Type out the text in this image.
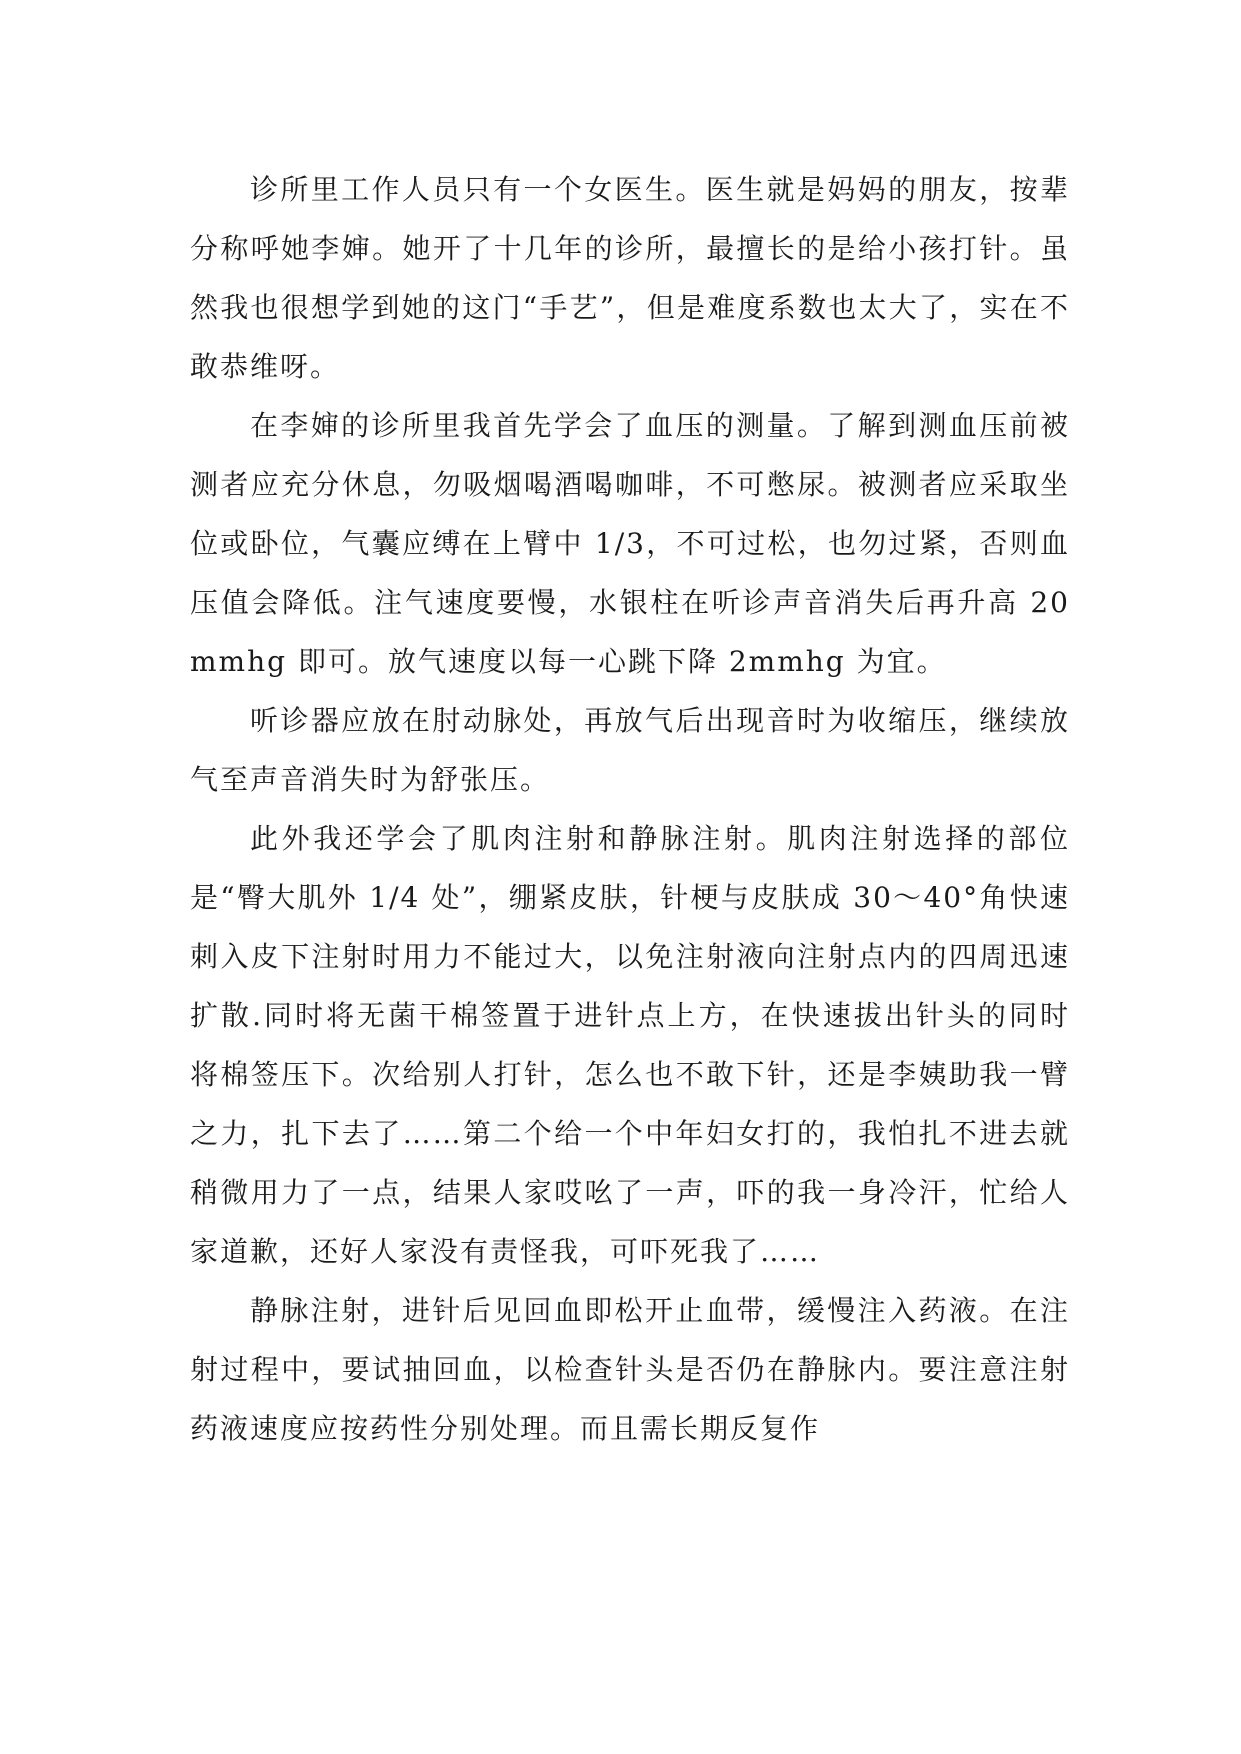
诊所里工作人员只有一个女医生。医生就是妈妈的朋友，按辈分称呼她李婶。她开了十几年的诊所，最擅长的是给小孩打针。虽然我也很想学到她的这门“手艺”，但是难度系数也太大了，实在不敢恭维呀。

在李婶的诊所里我首先学会了血压的测量。了解到测血压前被测者应充分休息，勿吸烟喝酒喝咖啡，不可憋尿。被测者应采取坐位或卧位，气囊应缚在上臂中 1/3，不可过松，也勿过紧，否则血压值会降低。注气速度要慢，水银柱在听诊声音消失后再升高 20mmhg 即可。放气速度以每一心跳下降 2mmhg 为宜。

听诊器应放在肘动脉处，再放气后出现音时为收缩压，继续放气至声音消失时为舒张压。

此外我还学会了肌肉注射和静脉注射。肌肉注射选择的部位是“臀大肌外 1/4 处”，绷紧皮肤，针梗与皮肤成 30～40°角快速刺入皮下注射时用力不能过大，以免注射液向注射点内的四周迅速扩散.同时将无菌干棉签置于进针点上方，在快速拔出针头的同时将棉签压下。次给别人打针，怎么也不敢下针，还是李姨助我一臂之力，扎下去了……第二个给一个中年妇女打的，我怕扎不进去就稍微用力了一点，结果人家哎吆了一声，吓的我一身冷汗，忙给人家道歉，还好人家没有责怪我，可吓死我了……

静脉注射，进针后见回血即松开止血带，缓慢注入药液。在注射过程中，要试抽回血，以检查针头是否仍在静脉内。要注意注射药液速度应按药性分别处理。而且需长期反复作
